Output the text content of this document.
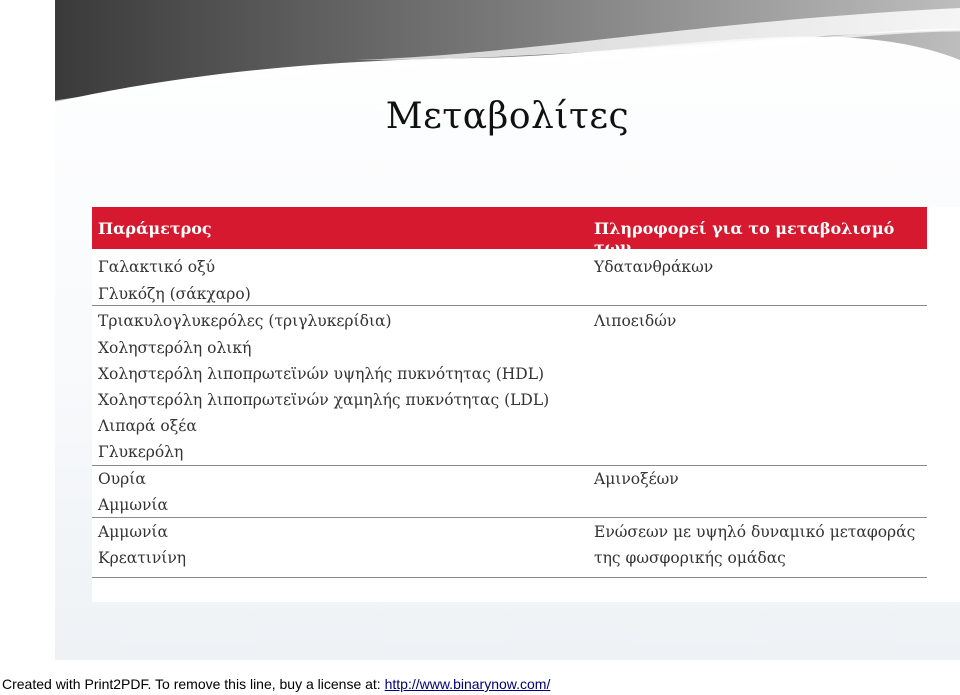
Μεταβολίτες
Παράμετρος	Πληροφορεί για το μεταβολισμό των
Γαλακτικό οξύ
Γλυκόζη (σάκχαρο)
Τριακυλογλυκερόλες (τριγλυκερίδια)
Χοληστερόλη ολική
Χοληστερόλη λιποπρωτεϊνών υψηλής πυκνότητας (HDL)
Χοληστερόλη λιποπρωτεϊνών χαμηλής πυκνότητας (LDL)
Λιπαρά οξέα
Γλυκερόλη
Ουρία
Αμμωνία
Αμμωνία
Κρεατινίνη
Υδατανθράκων
Λιποειδών
Αμινοξέων
Ενώσεων με υψηλό δυναμικό μεταφοράς
της φωσφορικής ομάδας
Created with Print2PDF. To remove this line, buy a license at: http://www.binarynow.com/
